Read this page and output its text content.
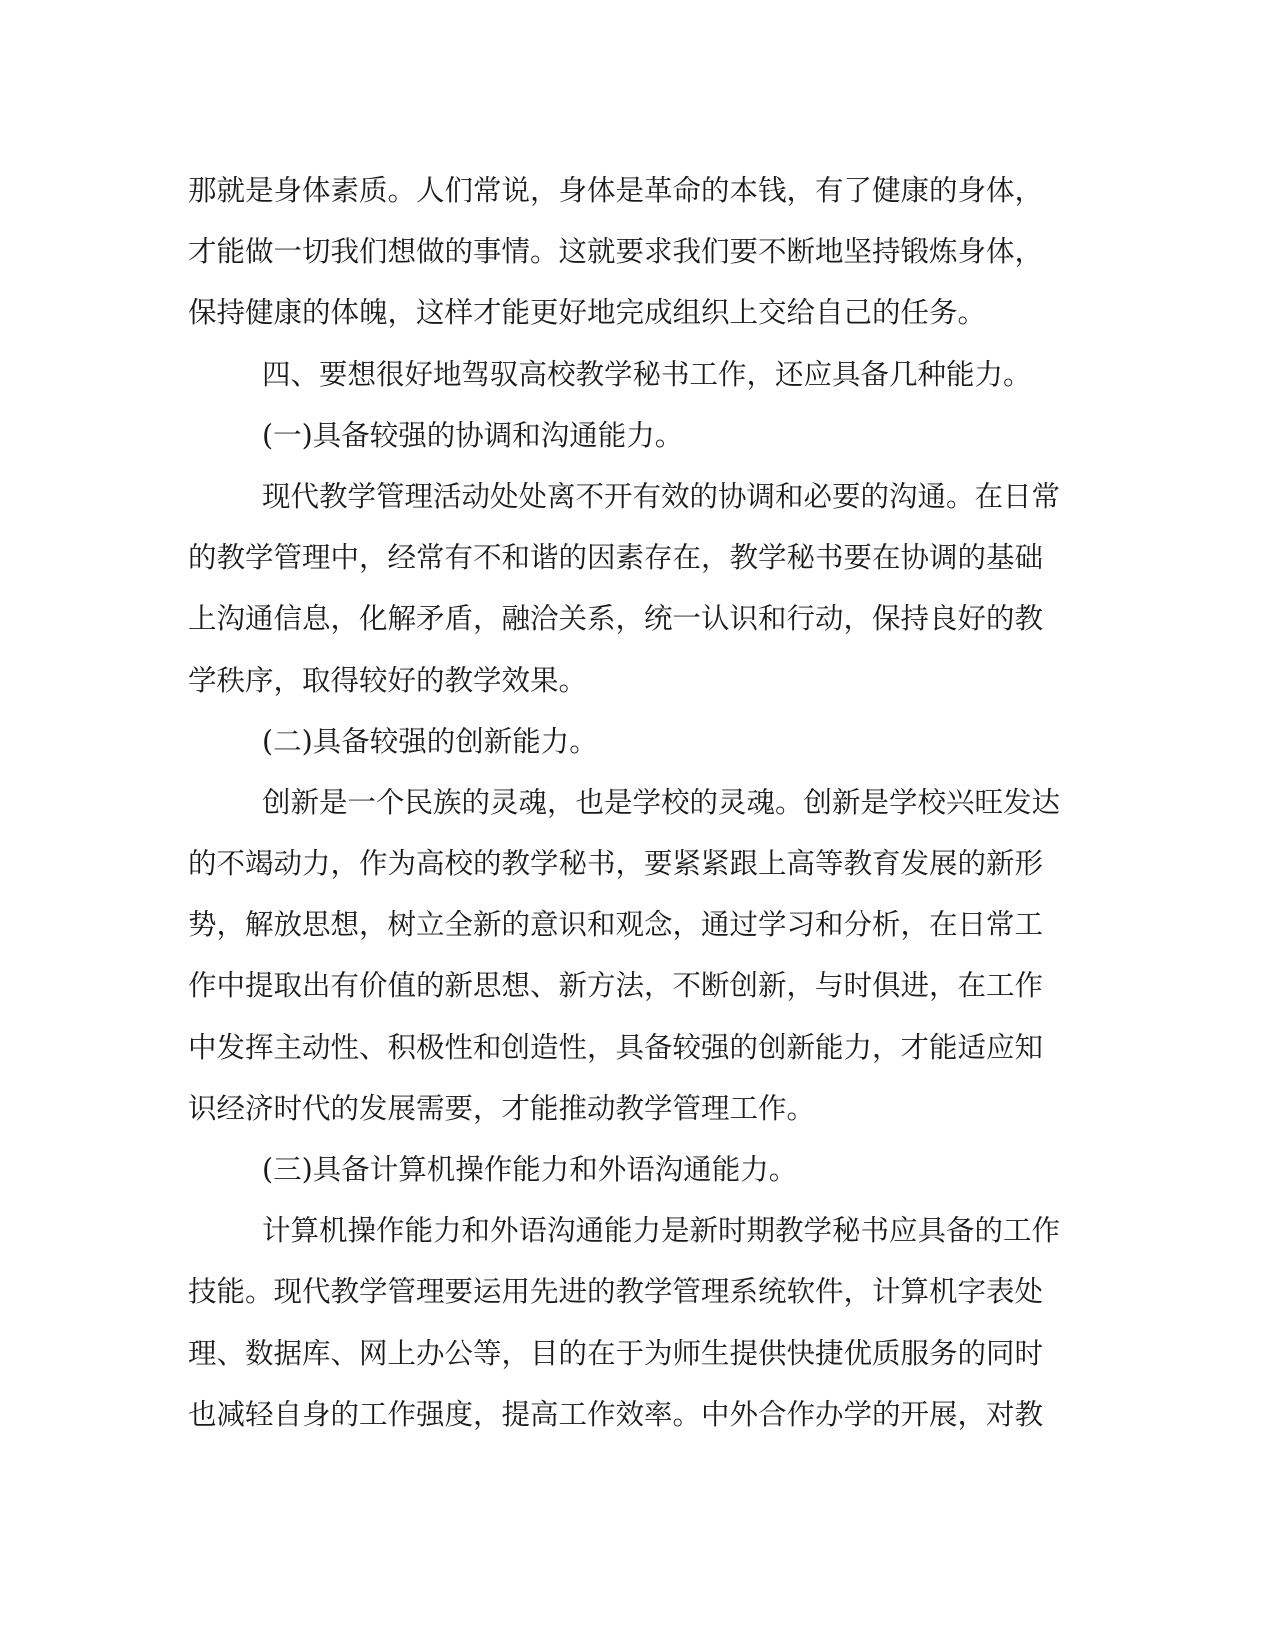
那就是身体素质。人们常说，身体是革命的本钱，有了健康的身体，
才能做一切我们想做的事情。这就要求我们要不断地坚持锻炼身体，
保持健康的体魄，这样才能更好地完成组织上交给自己的任务。
四、要想很好地驾驭高校教学秘书工作，还应具备几种能力。
(一)具备较强的协调和沟通能力。
现代教学管理活动处处离不开有效的协调和必要的沟通。在日常
的教学管理中，经常有不和谐的因素存在，教学秘书要在协调的基础
上沟通信息，化解矛盾，融洽关系，统一认识和行动，保持良好的教
学秩序，取得较好的教学效果。
(二)具备较强的创新能力。
创新是一个民族的灵魂，也是学校的灵魂。创新是学校兴旺发达
的不竭动力，作为高校的教学秘书，要紧紧跟上高等教育发展的新形
势，解放思想，树立全新的意识和观念，通过学习和分析，在日常工
作中提取出有价值的新思想、新方法，不断创新，与时俱进，在工作
中发挥主动性、积极性和创造性，具备较强的创新能力，才能适应知
识经济时代的发展需要，才能推动教学管理工作。
(三)具备计算机操作能力和外语沟通能力。
计算机操作能力和外语沟通能力是新时期教学秘书应具备的工作
技能。现代教学管理要运用先进的教学管理系统软件，计算机字表处
理、数据库、网上办公等，目的在于为师生提供快捷优质服务的同时
也减轻自身的工作强度，提高工作效率。中外合作办学的开展，对教
